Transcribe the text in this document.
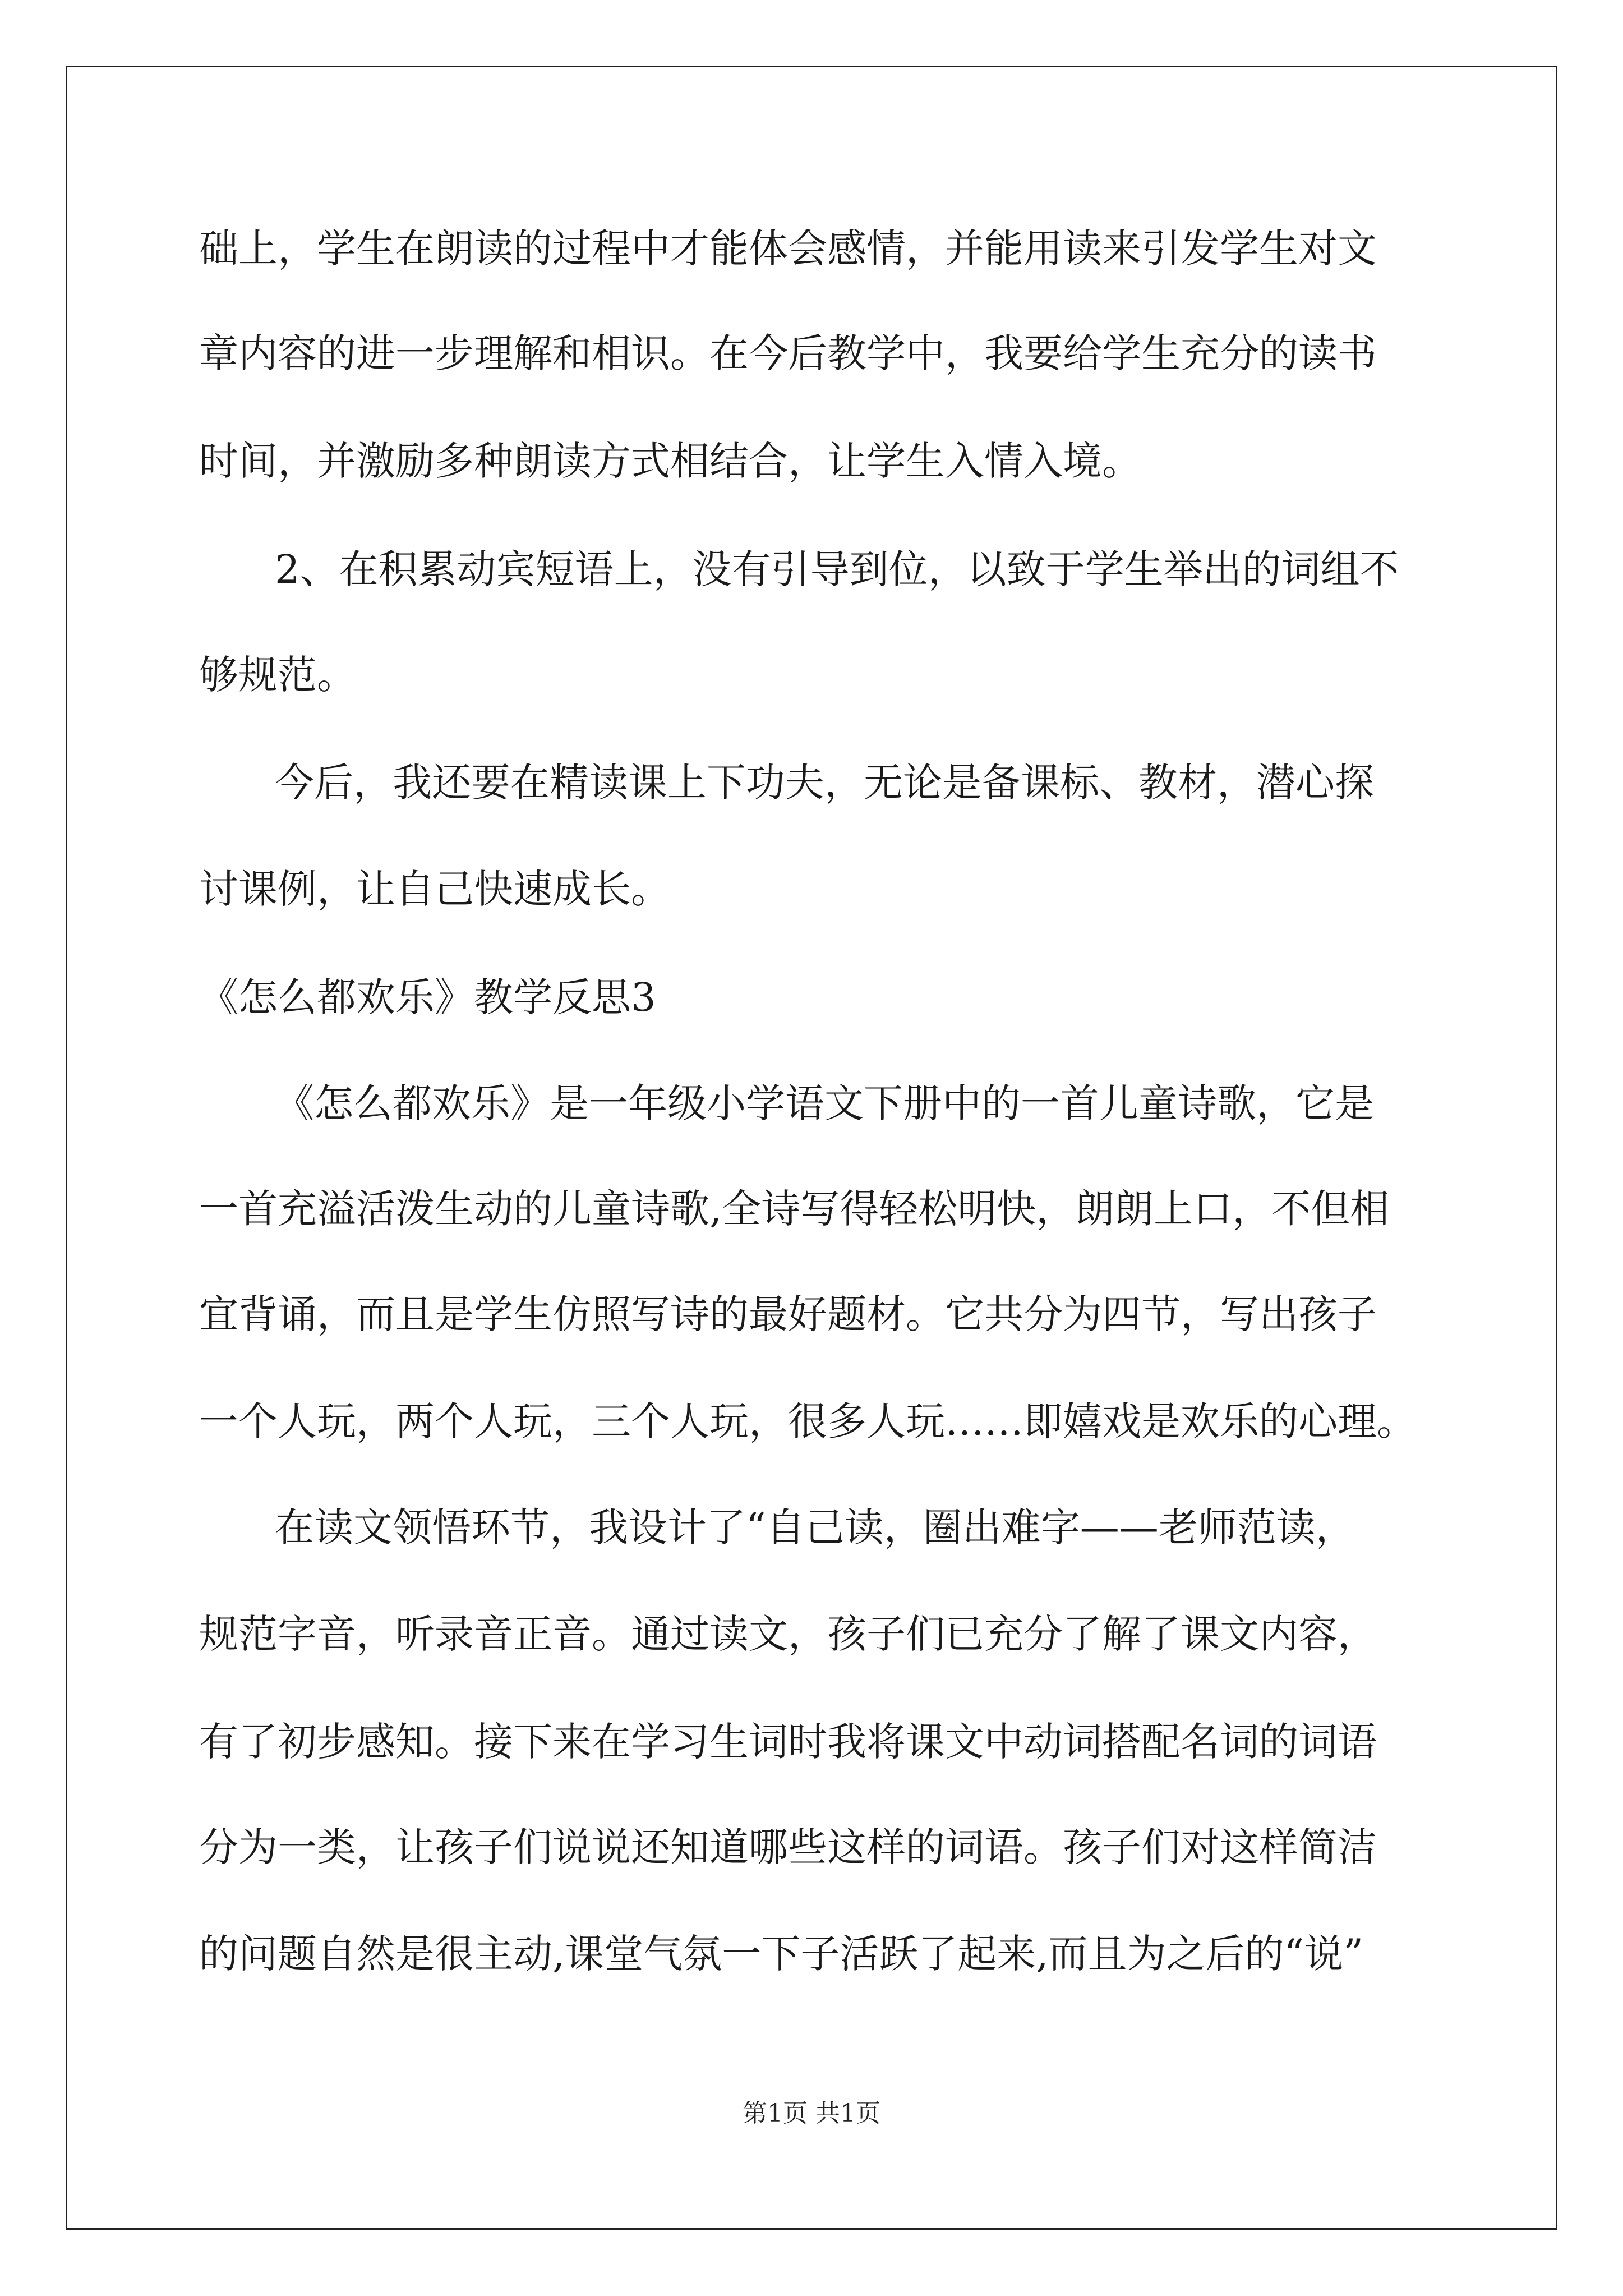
础上，学生在朗读的过程中才能体会感情，并能用读来引发学生对文

章内容的进一步理解和相识。在今后教学中，我要给学生充分的读书

时间，并激励多种朗读方式相结合，让学生入情入境。

2、在积累动宾短语上，没有引导到位，以致于学生举出的词组不

够规范。

今后，我还要在精读课上下功夫，无论是备课标、教材，潜心探

讨课例，让自己快速成长。

《怎么都欢乐》教学反思3

《怎么都欢乐》是一年级小学语文下册中的一首儿童诗歌，它是

一首充溢活泼生动的儿童诗歌,全诗写得轻松明快，朗朗上口，不但相

宜背诵，而且是学生仿照写诗的最好题材。它共分为四节，写出孩子

一个人玩，两个人玩，三个人玩，很多人玩……即嬉戏是欢乐的心理。

在读文领悟环节，我设计了“自己读，圈出难字——老师范读，

规范字音，听录音正音。通过读文，孩子们已充分了解了课文内容，

有了初步感知。接下来在学习生词时我将课文中动词搭配名词的词语

分为一类，让孩子们说说还知道哪些这样的词语。孩子们对这样简洁

的问题自然是很主动,课堂气氛一下子活跃了起来,而且为之后的“说”

第1页 共1页
